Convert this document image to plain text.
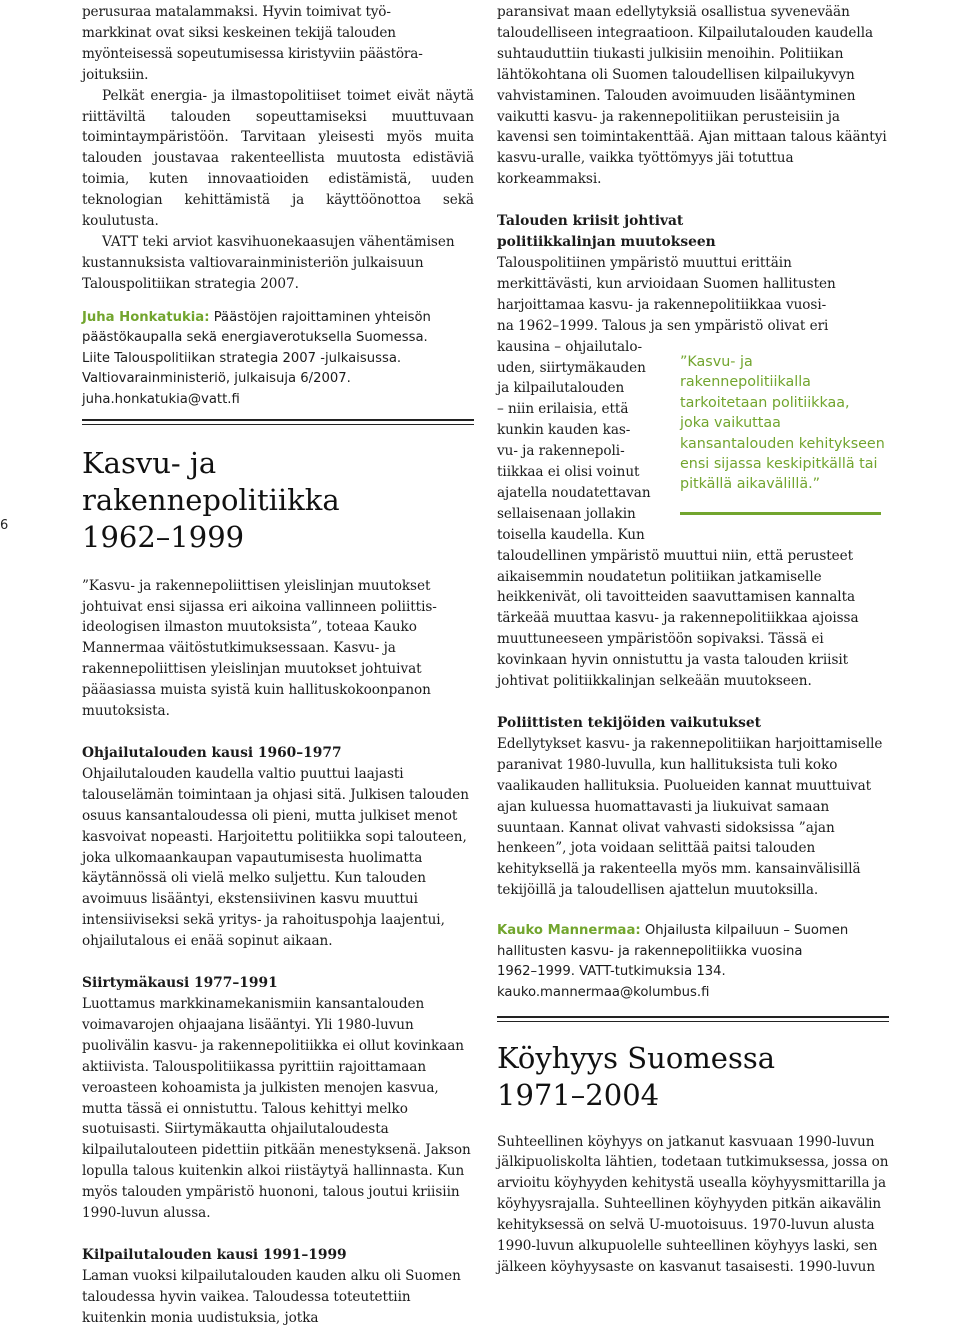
6
perusuraa matalammaksi. Hyvin toimivat työ-
markkinat ovat siksi keskeinen tekijä talouden
myönteisessä sopeutumisessa kiristyviin päästörа-
joituksiin.

Pelkät energia- ja ilmastopolitiiset toimet eivät näytä riittäviltä talouden sopeuttamiseksi muuttuvaan toimintaympäristöön. Tarvitaan yleisesti myös muita talouden joustavaa rakenteellista muutosta edistäviä toimia, kuten innovaatioiden edistämistä, uuden teknologian kehittämistä ja käyttöönottoa sekä koulutusta.

VATT teki arviot kasvihuonekaasujen vähentämisen kustannuksista valtiovarainministeriön julkaisuun Talouspolitiikan strategia 2007.

Juha Honkatukia: Päästöjen rajoittaminen yhteisön
päästökaupalla sekä energiaverotuksella Suomessa.
Liite Talouspolitiikan strategia 2007 -julkaisussa.
Valtiovarainministeriö, julkaisuja 6/2007.
juha.honkatukia@vatt.fi
Kasvu- ja rakennepolitiikka
1962–1999

”Kasvu- ja rakennepoliittisen yleislinjan muutokset johtuivat ensi sijassa eri aikoina vallinneen poliittis-ideologisen ilmaston muutoksista”, toteaa Kauko Mannermaa väitöstutkimuksessaan. Kasvu- ja rakennepoliittisen yleislinjan muutokset johtuivat pääasiassa muista syistä kuin hallituskokoonpanon muutoksista.

Ohjailutalouden kausi 1960–1977

Ohjailutalouden kaudella valtio puuttui laajasti talouselämän toimintaan ja ohjasi sitä. Julkisen talouden osuus kansantaloudessa oli pieni, mutta julkiset menot kasvoivat nopeasti. Harjoitettu politiikka sopi talouteen, joka ulkomaankaupan vapautumisesta huolimatta käytännössä oli vielä melko suljettu. Kun talouden avoimuus lisääntyi, ekstensiivinen kasvu muuttui intensiiviseksi sekä yritys- ja rahoituspohja laajentui, ohjailutalous ei enää sopinut aikaan.

Siirtymäkausi 1977–1991

Luottamus markkinamekanismiin kansantalouden voimavarojen ohjaajana lisääntyi. Yli 1980-luvun puolivälin kasvu- ja rakennepolitiikka ei ollut kovinkaan aktiivista. Talouspolitiikassa pyrittiin rajoittamaan veroasteen kohoamista ja julkisten menojen kasvua, mutta tässä ei onnistuttu. Talous kehittyi melko suotuisasti. Siirtymäkautta ohjailutaloudesta kilpailutalouteen pidettiin pitkään menestyksenä. Jakson lopulla talous kuitenkin alkoi riistäytyä hallinnasta. Kun myös talouden ympäristö huononi, talous joutui kriisiin 1990-luvun alussa.

Kilpailutalouden kausi 1991–1999

Laman vuoksi kilpailutalouden kauden alku oli Suomen taloudessa hyvin vaikea. Taloudessa toteutettiin kuitenkin monia uudistuksia, jotka

paransivat maan edellytyksiä osallistua syvenevään taloudelliseen integraatioon. Kilpailutalouden kaudella suhtauduttiin tiukasti julkisiin menoihin. Politiikan lähtökohtana oli Suomen taloudellisen kilpailukyvyn vahvistaminen. Talouden avoimuuden lisääntyminen vaikutti kasvu- ja rakennepolitiikan perusteisiin ja kavensi sen toimintakenttää. Ajan mittaan talous kääntyi kasvu-uralle, vaikka työttömyys jäi totuttua korkeammaksi.

Talouden kriisit johtivat
politiikkalinjan muutokseen
Talouspolitiinen ympäristö muuttui erittäin
merkittävästi, kun arvioidaan Suomen hallitusten
harjoittamaa kasvu- ja rakennepolitiikkaa vuosi-
na 1962–1999. Talous ja sen ympäristö olivat eri
kausina – ohjailutalo-
uden, siirtymäkauden
ja kilpailutalouden
– niin erilaisia, että
kunkin kauden kas-
vu- ja rakennepoli-
tiikkaa ei olisi voinut
ajatella noudatettavan
sellaisenaan jollakin
toisella kaudella. Kun

taloudellinen ympäristö muuttui niin, että perusteet aikaisemmin noudatetun politiikan jatkamiselle heikkenivät, oli tavoitteiden saavuttamisen kannalta tärkeää muuttaa kasvu- ja rakennepolitiikkaa ajoissa muuttuneeseen ympäristöön sopivaksi. Tässä ei kovinkaan hyvin onnistuttu ja vasta talouden kriisit johtivat politiikkalinjan selkeään muutokseen.

Poliittisten tekijöiden vaikutukset

Edellytykset kasvu- ja rakennepolitiikan harjoittamiselle paranivat 1980-luvulla, kun hallituksista tuli koko vaalikauden hallituksia. Puolueiden kannat muuttuivat ajan kuluessa huomattavasti ja liukuivat samaan suuntaan. Kannat olivat vahvasti sidoksissa ”ajan henkeen”, jota voidaan selittää paitsi talouden kehityksellä ja rakenteella myös mm. kansainvälisillä tekijöillä ja taloudellisen ajattelun muutoksilla.

Kauko Mannermaa: Ohjailusta kilpailuun – Suomen
hallitusten kasvu- ja rakennepolitiikka vuosina
1962–1999. VATT-tutkimuksia 134.
kauko.mannermaa@kolumbus.fi
Köyhyys Suomessa
1971–2004

Suhteellinen köyhyys on jatkanut kasvuaan 1990-luvun jälkipuoliskolta lähtien, todetaan tutkimuksessa, jossa on arvioitu köyhyyden kehitystä usealla köyhyysmittarilla ja köyhyysrajalla. Suhteellinen köyhyyden pitkän aikavälin kehityksessä on selvä U-muotoisuus. 1970-luvun alusta 1990-luvun alkupuolelle suhteellinen köyhyys laski, sen jälkeen köyhyysaste on kasvanut tasaisesti. 1990-luvun

”Kasvu- ja
rakennepolitiikalla
tarkoitetaan politiikkaa,
joka vaikuttaa
kansantalouden kehitykseen
ensi sijassa keskipitkällä tai
pitkällä aikavälillä.”
